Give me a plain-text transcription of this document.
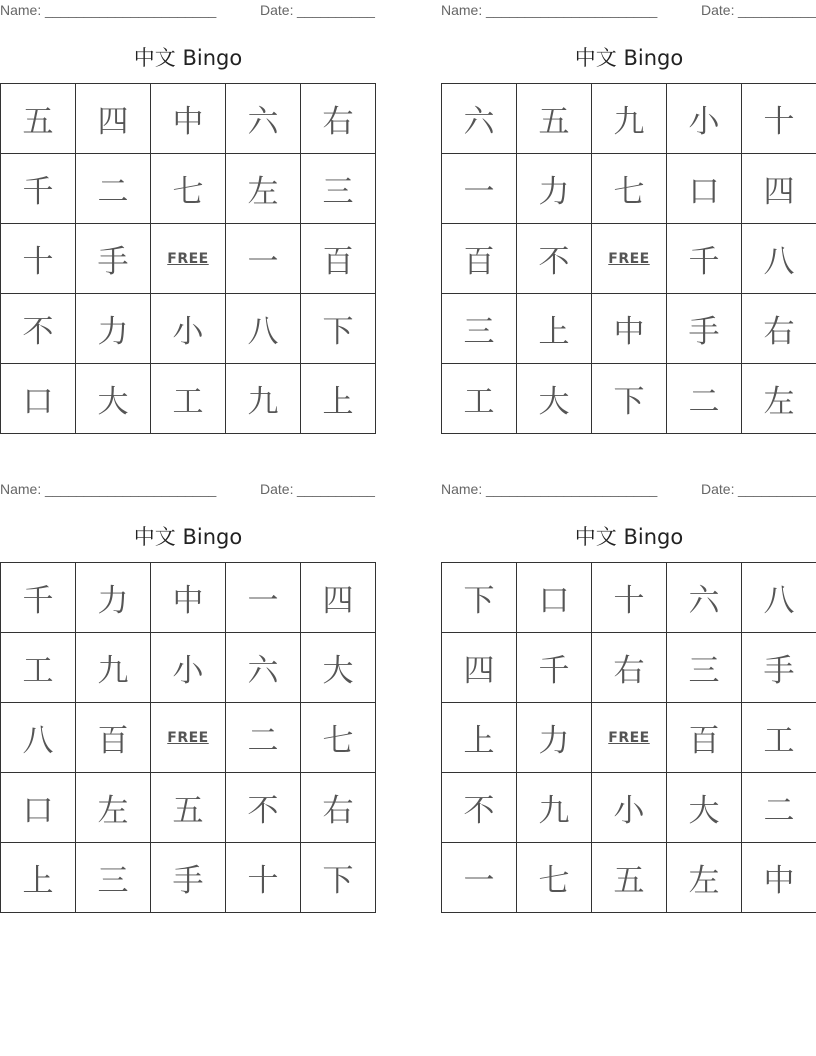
Name: ______________________	Date: __________
中文 Bingo
五	四	中	六	右
千	二	七	左	三
十	手	FREE	一	百
不	力	小	八	下
口	大	工	九	上
Name: ______________________	Date: __________
中文 Bingo
六	五	九	小	十
一	力	七	口	四
百	不	FREE	千	八
三	上	中	手	右
工	大	下	二	左
Name: ______________________	Date: __________
中文 Bingo
千	力	中	一	四
工	九	小	六	大
八	百	FREE	二	七
口	左	五	不	右
上	三	手	十	下
Name: ______________________	Date: __________
中文 Bingo
下	口	十	六	八
四	千	右	三	手
上	力	FREE	百	工
不	九	小	大	二
一	七	五	左	中
